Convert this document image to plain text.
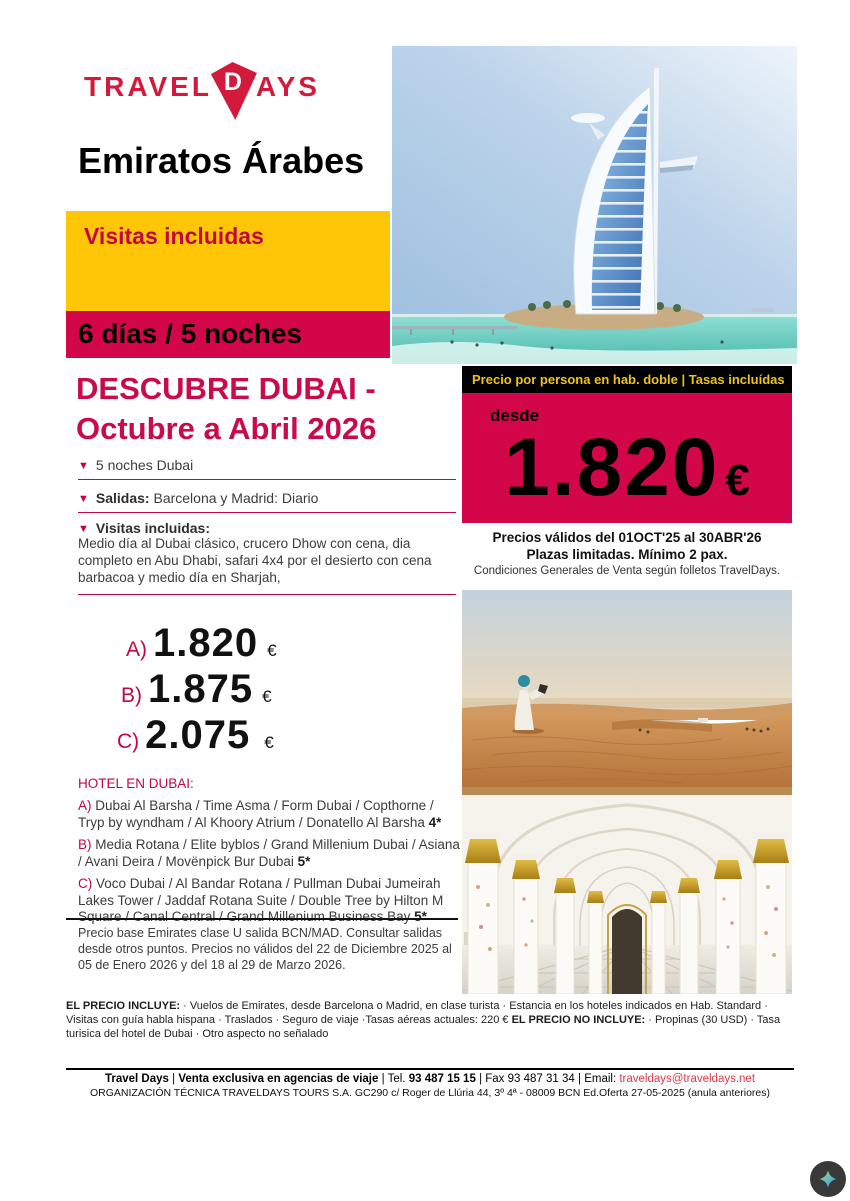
TRAVEL D AYS
Emiratos Árabes
Visitas incluidas
6 días / 5 noches
DESCUBRE DUBAI -
Octubre a Abril 2026
▼ 5 noches Dubai
▼ Salidas: Barcelona y Madrid: Diario
▼ Visitas incluidas:
Medio día al Dubai clásico, crucero Dhow con cena, dia completo en Abu Dhabi, safari 4x4 por el desierto con cena barbacoa y medio día en Sharjah,
A) 1.820 €
B) 1.875 €
C) 2.075 €
HOTEL EN DUBAI:
A) Dubai Al Barsha / Time Asma / Form Dubai / Copthorne / Tryp by wyndham / Al Khoory Atrium / Donatello Al Barsha 4*
B) Media Rotana / Elite byblos / Grand Millenium Dubai / Asiana / Avani Deira / Movënpick Bur Dubai 5*
C) Voco Dubai / Al Bandar Rotana / Pullman Dubai Jumeirah Lakes Tower / Jaddaf Rotana Suite / Double Tree by Hilton M Square / Canal Central / Grand Millenium Business Bay 5*
Precio base Emirates clase U salida BCN/MAD. Consultar salidas desde otros puntos. Precios no válidos del 22 de Diciembre 2025 al 05 de Enero 2026 y del 18 al 29 de Marzo 2026.
Precio por persona en hab. doble | Tasas incluídas
desde
1.820 €
Precios válidos del 01OCT'25 al 30ABR'26
Plazas limitadas. Mínimo 2 pax.
Condiciones Generales de Venta según folletos TravelDays.
EL PRECIO INCLUYE: · Vuelos de Emirates, desde Barcelona o Madrid, en clase turista · Estancia en los hoteles indicados en Hab. Standard · Visitas con guía habla hispana · Traslados · Seguro de viaje ·Tasas aéreas actuales: 220 € EL PRECIO NO INCLUYE: · Propinas (30 USD) · Tasa turisica del hotel de Dubai · Otro aspecto no señalado
Travel Days | Venta exclusiva en agencias de viaje | Tel. 93 487 15 15 | Fax 93 487 31 34 | Email: traveldays@traveldays.net
ORGANIZACIÓN TÉCNICA TRAVELDAYS TOURS S.A. GC290 c/ Roger de Llúria 44, 3º 4ª - 08009 BCN Ed.Oferta 27-05-2025 (anula anteriores)
